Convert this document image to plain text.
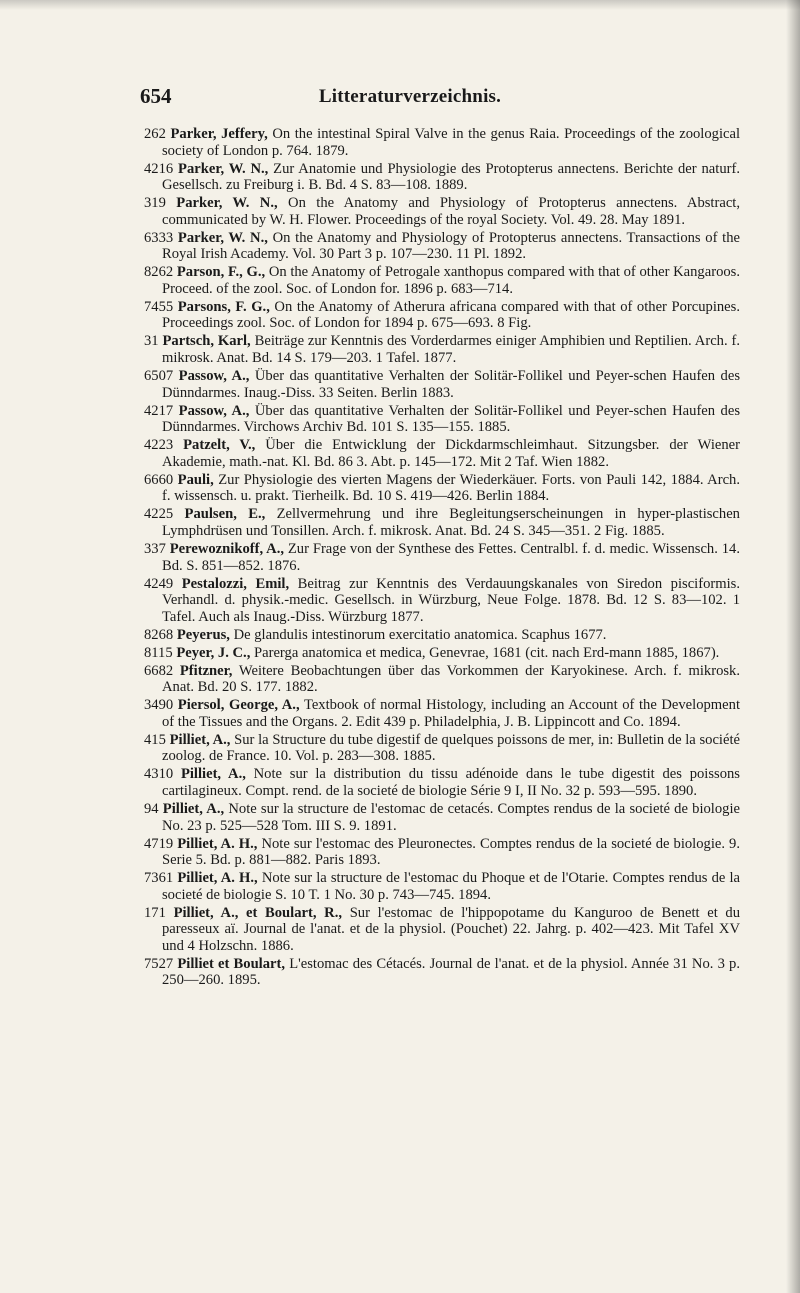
654	Litteraturverzeichnis.

262 Parker, Jeffery, On the intestinal Spiral Valve in the genus Raia. Proceedings of the zoological society of London p. 764. 1879.

4216 Parker, W. N., Zur Anatomie und Physiologie des Protopterus annectens. Berichte der naturf. Gesellsch. zu Freiburg i. B. Bd. 4 S. 83—108. 1889.

319 Parker, W. N., On the Anatomy and Physiology of Protopterus annectens. Abstract, communicated by W. H. Flower. Proceedings of the royal Society. Vol. 49. 28. May 1891.

6333 Parker, W. N., On the Anatomy and Physiology of Protopterus annectens. Transactions of the Royal Irish Academy. Vol. 30 Part 3 p. 107—230. 11 Pl. 1892.

8262 Parson, F., G., On the Anatomy of Petrogale xanthopus compared with that of other Kangaroos. Proceed. of the zool. Soc. of London for. 1896 p. 683—714.

7455 Parsons, F. G., On the Anatomy of Atherura africana compared with that of other Porcupines. Proceedings zool. Soc. of London for 1894 p. 675—693. 8 Fig.

31 Partsch, Karl, Beiträge zur Kenntnis des Vorderdarmes einiger Amphibien und Reptilien. Arch. f. mikrosk. Anat. Bd. 14 S. 179—203. 1 Tafel. 1877.

6507 Passow, A., Über das quantitative Verhalten der Solitär-Follikel und Peyer-schen Haufen des Dünndarmes. Inaug.-Diss. 33 Seiten. Berlin 1883.

4217 Passow, A., Über das quantitative Verhalten der Solitär-Follikel und Peyer-schen Haufen des Dünndarmes. Virchows Archiv Bd. 101 S. 135—155. 1885.

4223 Patzelt, V., Über die Entwicklung der Dickdarmschleimhaut. Sitzungsber. der Wiener Akademie, math.-nat. Kl. Bd. 86 3. Abt. p. 145—172. Mit 2 Taf. Wien 1882.

6660 Pauli, Zur Physiologie des vierten Magens der Wiederkäuer. Forts. von Pauli 142, 1884. Arch. f. wissensch. u. prakt. Tierheilk. Bd. 10 S. 419—426. Berlin 1884.

4225 Paulsen, E., Zellvermehrung und ihre Begleitungserscheinungen in hyper-plastischen Lymphdrüsen und Tonsillen. Arch. f. mikrosk. Anat. Bd. 24 S. 345—351. 2 Fig. 1885.

337 Perewoznikoff, A., Zur Frage von der Synthese des Fettes. Centralbl. f. d. medic. Wissensch. 14. Bd. S. 851—852. 1876.

4249 Pestalozzi, Emil, Beitrag zur Kenntnis des Verdauungskanales von Siredon pisciformis. Verhandl. d. physik.-medic. Gesellsch. in Würzburg, Neue Folge. 1878. Bd. 12 S. 83—102. 1 Tafel. Auch als Inaug.-Diss. Würzburg 1877.

8268 Peyerus, De glandulis intestinorum exercitatio anatomica. Scaphus 1677.

8115 Peyer, J. C., Parerga anatomica et medica, Genevrae, 1681 (cit. nach Erd-mann 1885, 1867).

6682 Pfitzner, Weitere Beobachtungen über das Vorkommen der Karyokinese. Arch. f. mikrosk. Anat. Bd. 20 S. 177. 1882.

3490 Piersol, George, A., Textbook of normal Histology, including an Account of the Development of the Tissues and the Organs. 2. Edit 439 p. Philadelphia, J. B. Lippincott and Co. 1894.

415 Pilliet, A., Sur la Structure du tube digestif de quelques poissons de mer, in: Bulletin de la société zoolog. de France. 10. Vol. p. 283—308. 1885.

4310 Pilliet, A., Note sur la distribution du tissu adénoide dans le tube digestit des poissons cartilagineux. Compt. rend. de la societé de biologie Série 9 I, II No. 32 p. 593—595. 1890.

94 Pilliet, A., Note sur la structure de l'estomac de cetacés. Comptes rendus de la societé de biologie No. 23 p. 525—528 Tom. III S. 9. 1891.

4719 Pilliet, A. H., Note sur l'estomac des Pleuronectes. Comptes rendus de la societé de biologie. 9. Serie 5. Bd. p. 881—882. Paris 1893.

7361 Pilliet, A. H., Note sur la structure de l'estomac du Phoque et de l'Otarie. Comptes rendus de la societé de biologie S. 10 T. 1 No. 30 p. 743—745. 1894.

171 Pilliet, A., et Boulart, R., Sur l'estomac de l'hippopotame du Kanguroo de Benett et du paresseux aï. Journal de l'anat. et de la physiol. (Pouchet) 22. Jahrg. p. 402—423. Mit Tafel XV und 4 Holzschn. 1886.

7527 Pilliet et Boulart, L'estomac des Cétacés. Journal de l'anat. et de la physiol. Année 31 No. 3 p. 250—260. 1895.
